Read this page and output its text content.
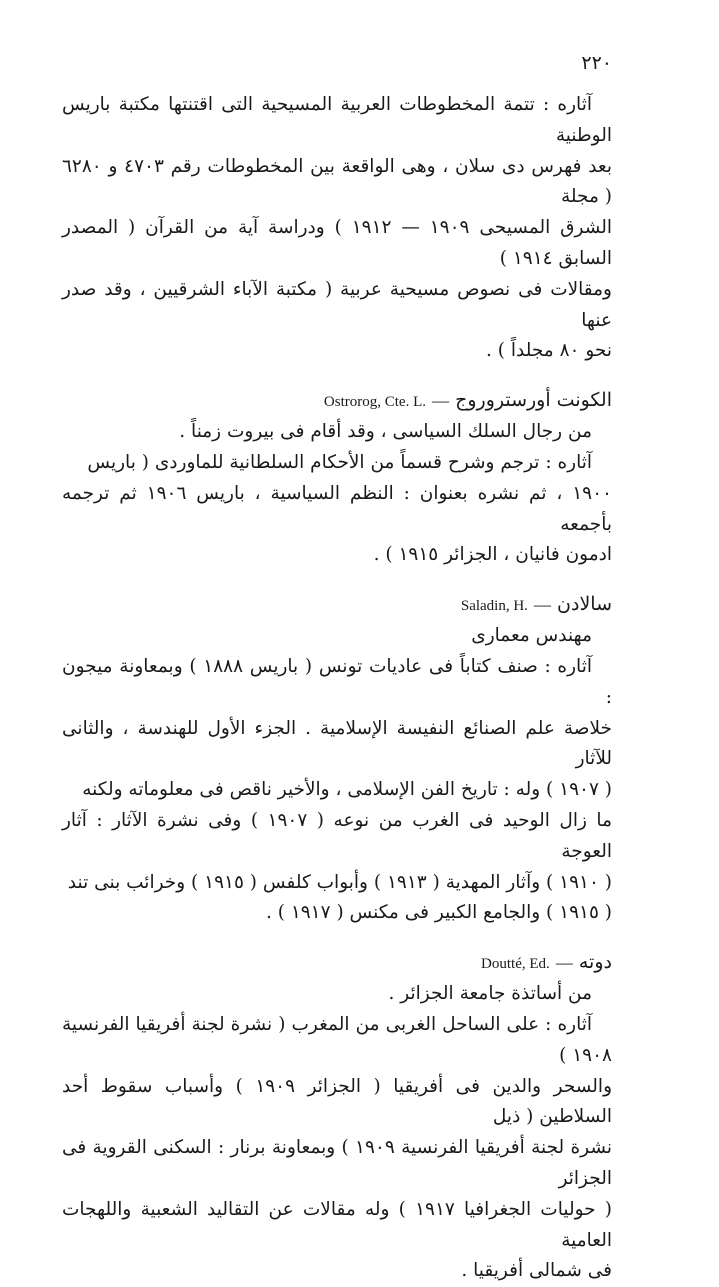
٢٢٠

آثاره : تتمة المخطوطات العربية المسيحية التى اقتنتها مكتبة باريس الوطنية

بعد فهرس دى سلان ، وهى الواقعة بين المخطوطات رقم ٤٧٠٣ و ٦٢٨٠ ( مجلة

الشرق المسيحى ١٩٠٩ — ١٩١٢ ) ودراسة آية من القرآن ( المصدر السابق ١٩١٤ )

ومقالات فى نصوص مسيحية عربية ( مكتبة الآباء الشرقيين ، وقد صدر عنها

نحو ٨٠ مجلداً ) .

الكونت أورستروروج — Ostrorog, Cte. L.

من رجال السلك السياسى ، وقد أقام فى بيروت زمناً .

آثاره : ترجم وشرح قسماً من الأحكام السلطانية للماوردى ( باريس

١٩٠٠ ، ثم نشره بعنوان : النظم السياسية ، باريس ١٩٠٦ ثم ترجمه بأجمعه

ادمون فانيان ، الجزائر ١٩١٥ ) .

سالادن — Saladin, H.

مهندس معمارى

آثاره : صنف كتاباً فى عاديات تونس ( باريس ١٨٨٨ ) وبمعاونة ميجون :

خلاصة علم الصنائع النفيسة الإسلامية . الجزء الأول للهندسة ، والثانى للآثار

( ١٩٠٧ ) وله : تاريخ الفن الإسلامى ، والأخير ناقص فى معلوماته ولكنه

ما زال الوحيد فى الغرب من نوعه ( ١٩٠٧ ) وفى نشرة الآثار : آثار العوجة

( ١٩١٠ ) وآثار المهدية ( ١٩١٣ ) وأبواب كلفس ( ١٩١٥ ) وخرائب بنى تند

( ١٩١٥ ) والجامع الكبير فى مكنس ( ١٩١٧ ) .

دوته — Doutté, Ed.

من أساتذة جامعة الجزائر .

آثاره : على الساحل الغربى من المغرب ( نشرة لجنة أفريقيا الفرنسية ١٩٠٨ )

والسحر والدين فى أفريقيا ( الجزائر ١٩٠٩ ) وأسباب سقوط أحد السلاطين ( ذيل

نشرة لجنة أفريقيا الفرنسية ١٩٠٩ ) وبمعاونة برنار : السكنى القروية فى الجزائر

( حوليات الجغرافيا ١٩١٧ ) وله مقالات عن التقاليد الشعبية واللهجات العامية

فى شمالى أفريقيا .
